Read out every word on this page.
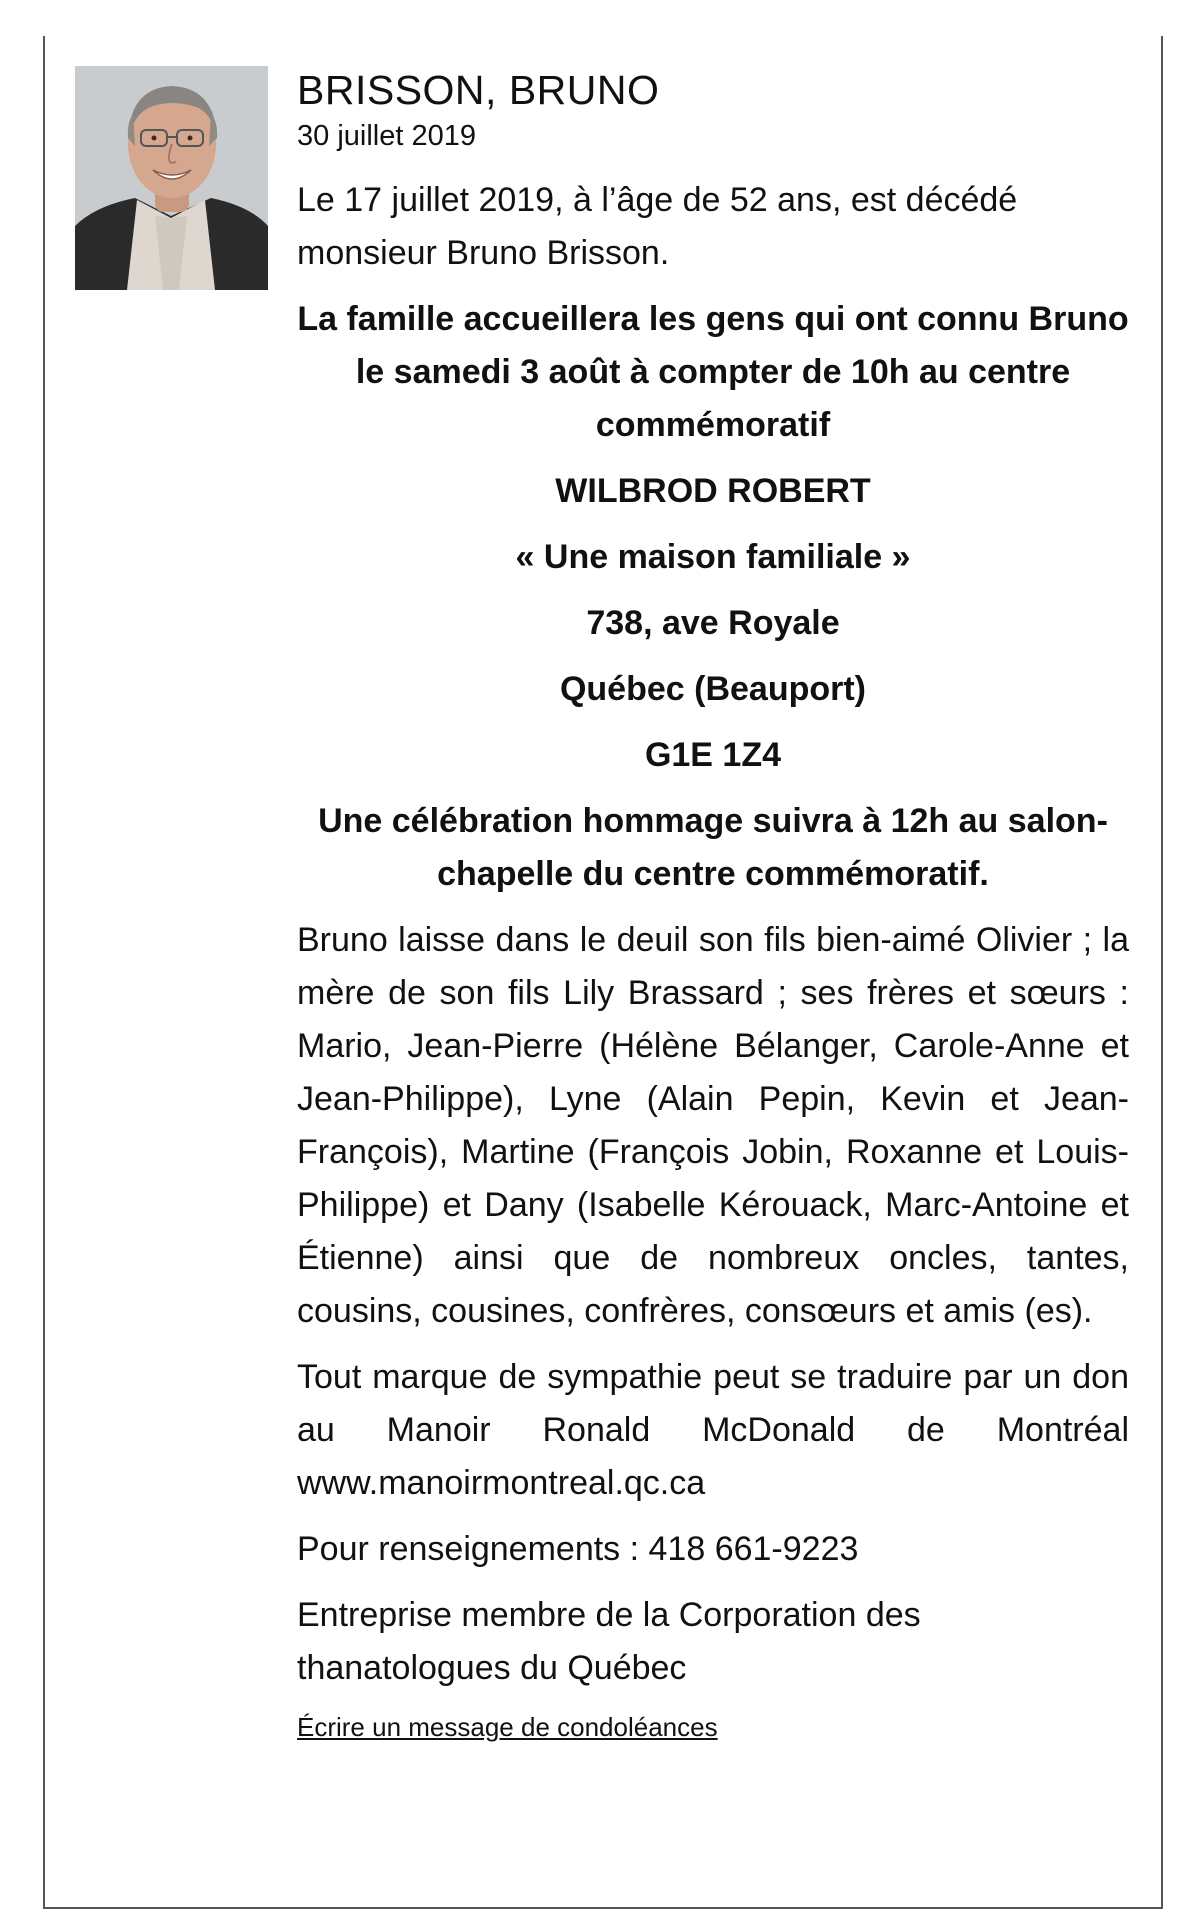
BRISSON, BRUNO
30 juillet 2019

Le 17 juillet 2019, à l’âge de 52 ans, est décédé monsieur Bruno Brisson.

La famille accueillera les gens qui ont connu Bruno le samedi 3 août à compter de 10h au centre commémoratif

WILBROD ROBERT

« Une maison familiale »

738, ave Royale

Québec (Beauport)

G1E 1Z4

Une célébration hommage suivra à 12h au salon-chapelle du centre commémoratif.

Bruno laisse dans le deuil son fils bien-aimé Olivier ; la mère de son fils Lily Brassard ; ses frères et sœurs : Mario, Jean-Pierre (Hélène Bélanger, Carole-Anne et Jean-Philippe), Lyne (Alain Pepin, Kevin et Jean-François), Martine (François Jobin, Roxanne et Louis-Philippe) et Dany (Isabelle Kérouack, Marc-Antoine et Étienne) ainsi que de nombreux oncles, tantes, cousins, cousines, confrères, consœurs et amis (es).

Tout marque de sympathie peut se traduire par un don au Manoir Ronald McDonald de Montréal www.manoirmontreal.qc.ca

Pour renseignements : 418 661-9223

Entreprise membre de la Corporation des thanatologues du Québec

Écrire un message de condoléances
